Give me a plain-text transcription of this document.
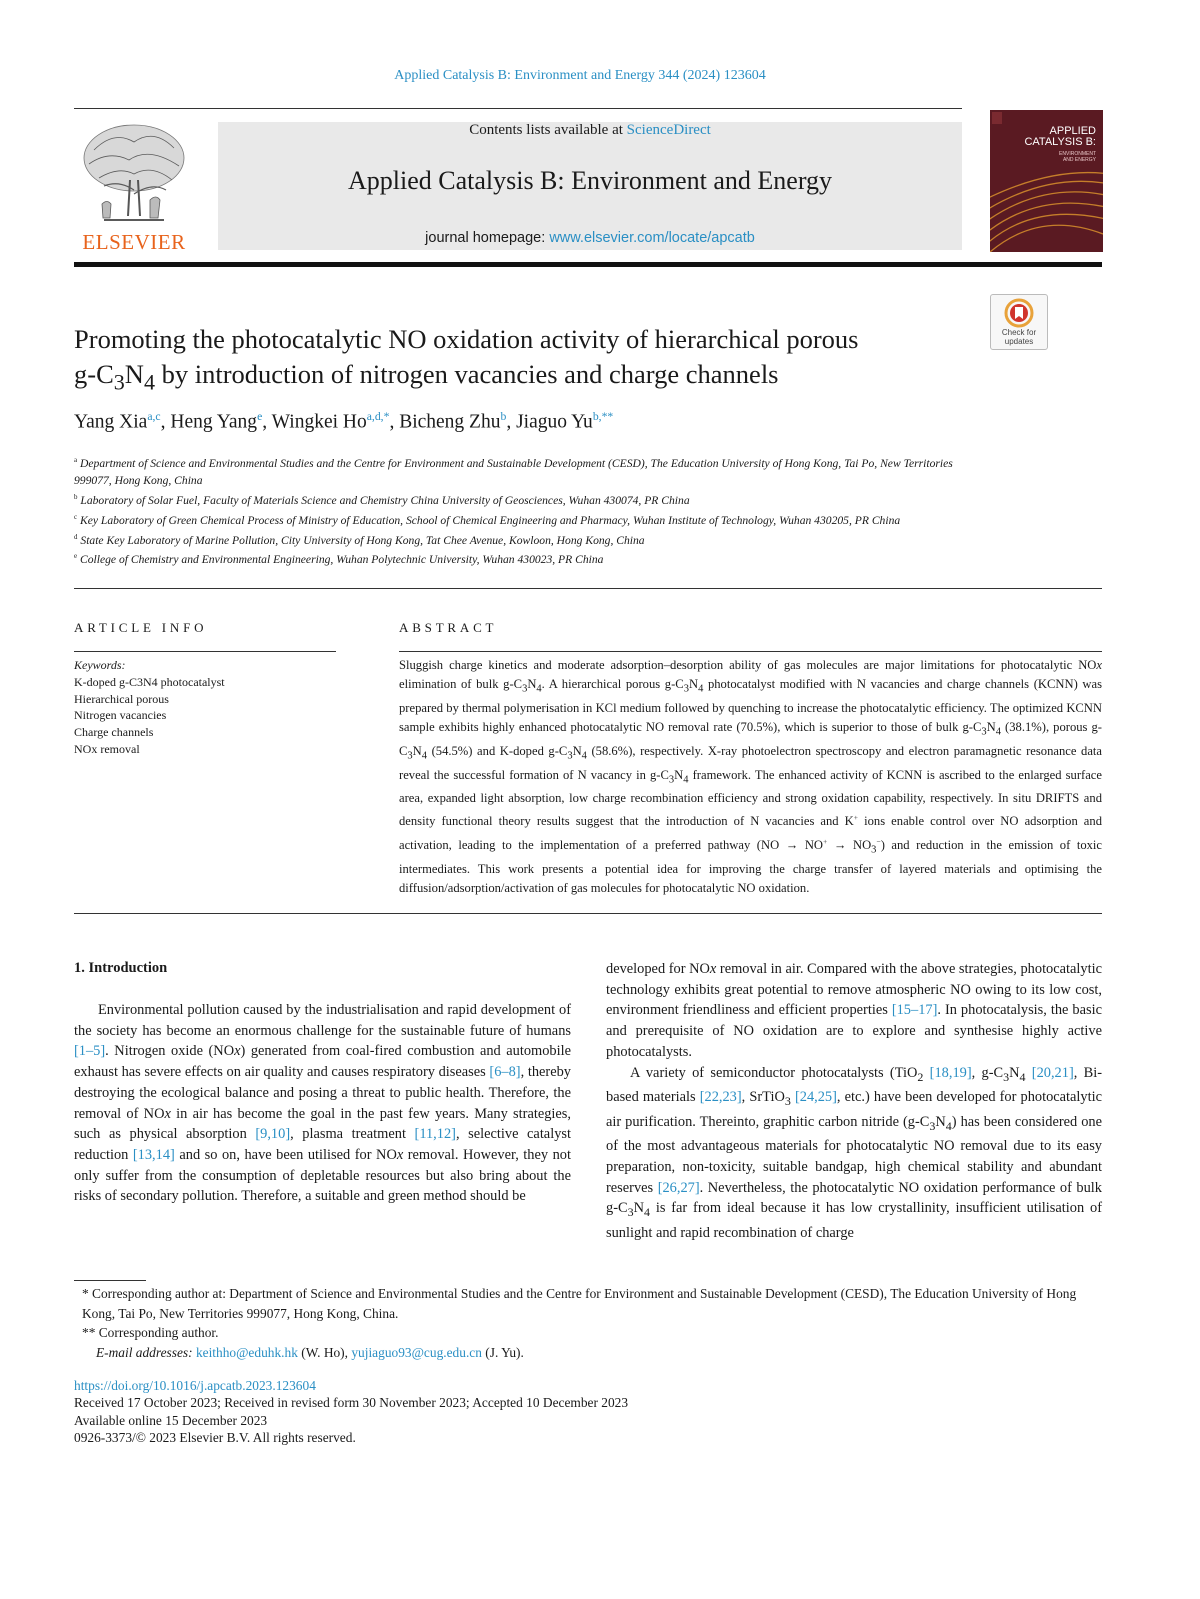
Applied Catalysis B: Environment and Energy 344 (2024) 123604
ELSEVIER
Contents lists available at ScienceDirect
Applied Catalysis B: Environment and Energy
journal homepage: www.elsevier.com/locate/apcatb
APPLIED
CATALYSIS B:
ENVIRONMENT
AND ENERGY
Check for
updates
Promoting the photocatalytic NO oxidation activity of hierarchical porous
$g-C_3N_4$ by introduction of nitrogen vacancies and charge channels
Yang Xia$^{a,c}$, Heng Yang$^e$, Wingkei $Ho^{a,d,*}$, Bicheng Zhu$^b$, Jiaguo $Yu^{b,**}$
$^a$ Department of Science and Environmental Studies and the Centre for Environment and Sustainable Development (CESD), The Education University of Hong Kong, Tai Po, New Territories 999077, Hong Kong, China
$^b$ Laboratory of Solar Fuel, Faculty of Materials Science and Chemistry China University of Geosciences, Wuhan 430074, PR China
$^c$ Key Laboratory of Green Chemical Process of Ministry of Education, School of Chemical Engineering and Pharmacy, Wuhan Institute of Technology, Wuhan 430205, PR China
$^d$ State Key Laboratory of Marine Pollution, City University of Hong Kong, Tat Chee Avenue, Kowloon, Hong Kong, China
$^e$ College of Chemistry and Environmental Engineering, Wuhan Polytechnic University, Wuhan 430023, PR China
ARTICLE INFO	ABSTRACT
Keywords:
K-doped g-C3N4 photocatalyst
Hierarchical porous
Nitrogen vacancies
Charge channels
NOx removal
Sluggish charge kinetics and moderate adsorption–desorption ability of gas molecules are major limitations for photocatalytic NOx elimination of bulk $g-C_3N_4$. A hierarchical porous $g-C_3N_4$ photocatalyst modified with N vacancies and charge channels (KCNN) was prepared by thermal polymerisation in KCl medium followed by quenching to increase the photocatalytic efficiency. The optimized KCNN sample exhibits highly enhanced photocatalytic NO removal rate (70.5%), which is superior to those of bulk $g-C_3N_4$ (38.1%), porous $g-C_3N_4$ (54.5%) and K-doped $g-C_3N_4$ (58.6%), respectively. X-ray photoelectron spectroscopy and electron paramagnetic resonance data reveal the successful formation of N vacancy in $g-C_3N_4$ framework. The enhanced activity of KCNN is ascribed to the enlarged surface area, expanded light absorption, low charge recombination efficiency and strong oxidation capability, respectively. In situ DRIFTS and density functional theory results suggest that the introduction of N vacancies and K+ ions enable control over NO adsorption and activation, leading to the implementation of a preferred pathway $(NO \to NO^+ \to NO_3^-)$ and reduction in the emission of toxic intermediates. This work presents a potential idea for improving the charge transfer of layered materials and optimising the diffusion/adsorption/activation of gas molecules for photocatalytic NO oxidation.
1. Introduction

Environmental pollution caused by the industrialisation and rapid development of the society has become an enormous challenge for the sustainable future of humans [1–5]. Nitrogen oxide (NOx) generated from coal-fired combustion and automobile exhaust has severe effects on air quality and causes respiratory diseases [6–8], thereby destroying the ecological balance and posing a threat to public health. Therefore, the removal of NOx in air has become the goal in the past few years. Many strategies, such as physical absorption [9,10], plasma treatment [11,12], selective catalyst reduction [13,14] and so on, have been utilised for NOx removal. However, they not only suffer from the consumption of depletable resources but also bring about the risks of secondary pollution. Therefore, a suitable and green method should be

developed for NOx removal in air. Compared with the above strategies, photocatalytic technology exhibits great potential to remove atmospheric NO owing to its low cost, environment friendliness and efficient properties [15–17]. In photocatalysis, the basic and prerequisite of NO oxidation are to explore and synthesise highly active photocatalysts.

A variety of semiconductor photocatalysts (TiO$_2$ [18,19], $g-C_3N_4$ [20,21], Bi-based materials [22,23], SrTiO$_3$ [24,25], etc.) have been developed for photocatalytic air purification. Thereinto, graphitic carbon nitride $(g-C_3N_4)$ has been considered one of the most advantageous materials for photocatalytic NO removal due to its easy preparation, non-toxicity, suitable bandgap, high chemical stability and abundant reserves [26,27]. Nevertheless, the photocatalytic NO oxidation performance of bulk $g-C_3N_4$ is far from ideal because it has low crystallinity, insufficient utilisation of sunlight and rapid recombination of charge

* Corresponding author at: Department of Science and Environmental Studies and the Centre for Environment and Sustainable Development (CESD), The Education University of Hong Kong, Tai Po, New Territories 999077, Hong Kong, China.

** Corresponding author.

E-mail addresses: keithho@eduhk.hk (W. Ho), yujiaguo93@cug.edu.cn (J. Yu).

https://doi.org/10.1016/j.apcatb.2023.123604

Received 17 October 2023; Received in revised form 30 November 2023; Accepted 10 December 2023

Available online 15 December 2023

0926-3373/© 2023 Elsevier B.V. All rights reserved.
